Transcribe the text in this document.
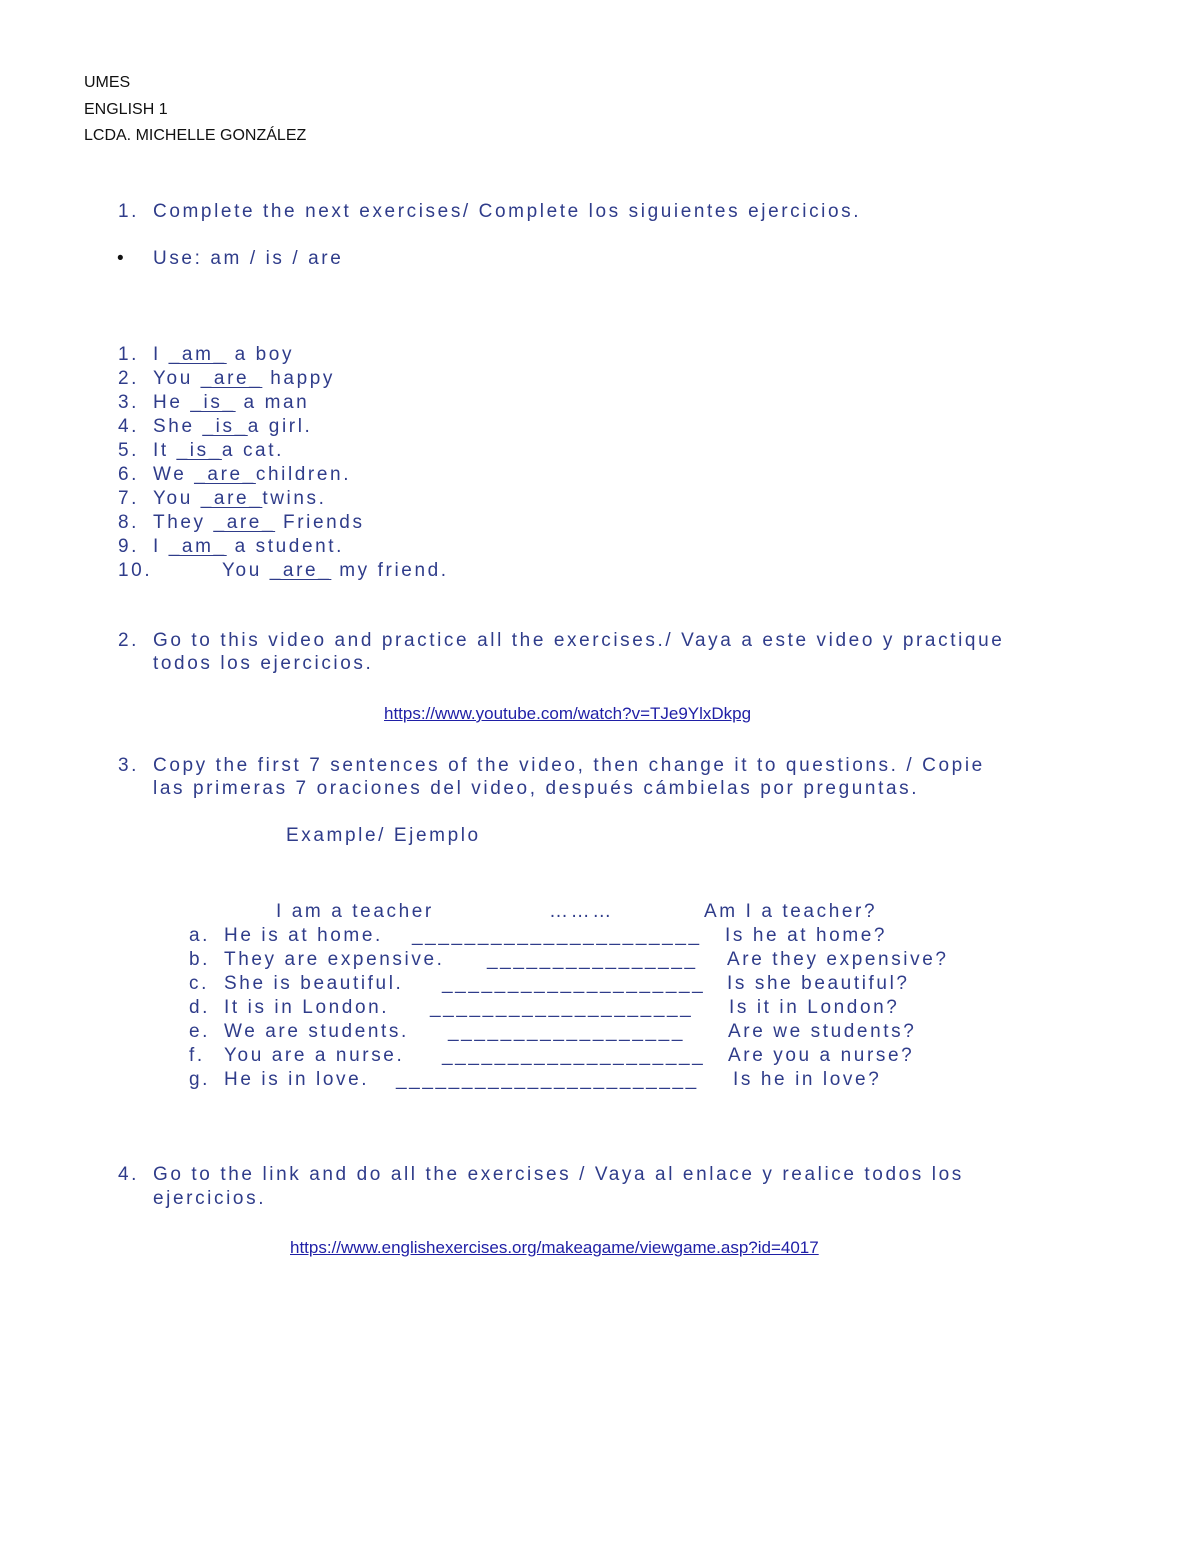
UMES
ENGLISH 1
LCDA. MICHELLE GONZÁLEZ
1. Complete the next exercises/ Complete los siguientes ejercicios.
• Use: am / is / are
1. I _am_ a boy
2. You _are_ happy
3. He _is_ a man
4. She _is_a girl.
5. It _is_a cat.
6. We _are_children.
7. You _are_twins.
8. They _are_ Friends
9. I _am_ a student.
10.	You _are_ my friend.
2. Go to this video and practice all the exercises./ Vaya a este video y practique
todos los ejercicios.
https://www.youtube.com/watch?v=TJe9YlxDkpg
3. Copy the first 7 sentences of the video, then change it to questions. / Copie
las primeras 7 oraciones del video, después cámbielas por preguntas.
Example/ Ejemplo
I am a teacher	………	Am I a teacher?
a. He is at home. ______________________ Is he at home?
b. They are expensive. ________________ Are they expensive?
c. She is beautiful. ____________________ Is she beautiful?
d. It is in London. ____________________ Is it in London?
e. We are students. __________________ Are we students?
f. You are a nurse. ____________________ Are you a nurse?
g. He is in love. _______________________ Is he in love?
4. Go to the link and do all the exercises / Vaya al enlace y realice todos los
ejercicios.
https://www.englishexercises.org/makeagame/viewgame.asp?id=4017
